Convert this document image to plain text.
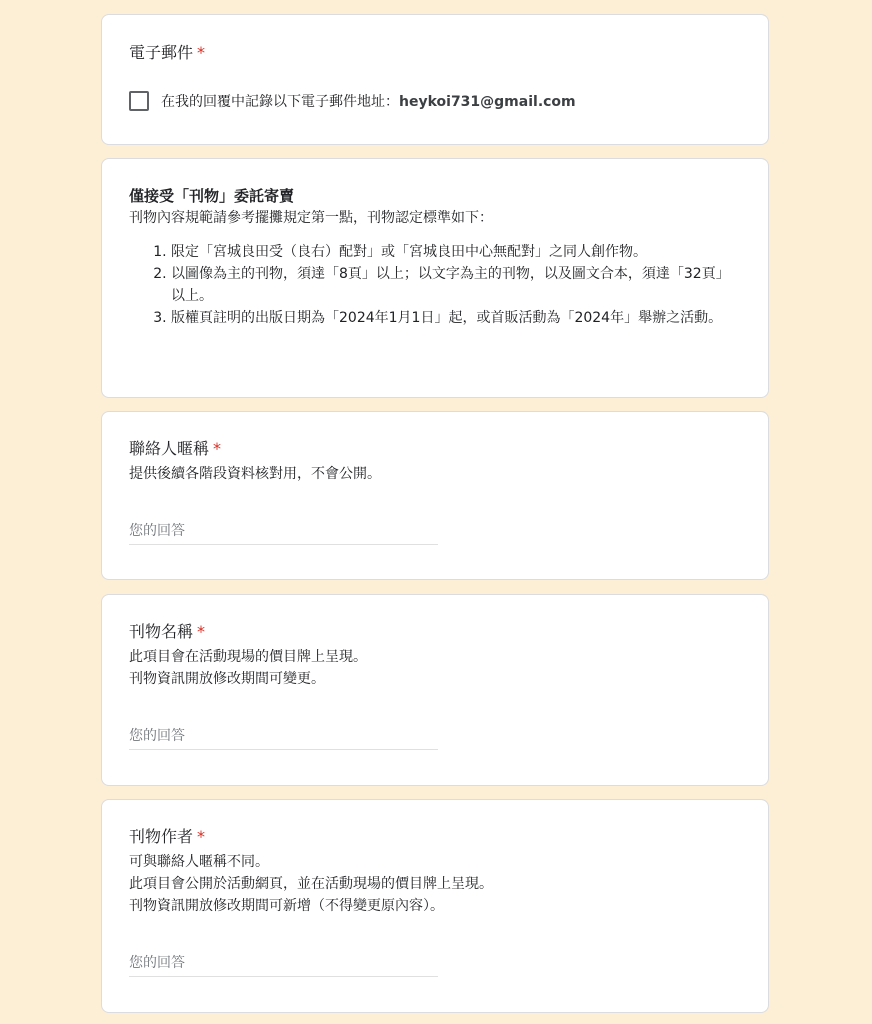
電子郵件 *

在我的回覆中記錄以下電子郵件地址：heykoi731@gmail.com

僅接受「刊物」委託寄賣

刊物內容規範請參考擺攤規定第一點，刊物認定標準如下：

1. 限定「宮城良田受（良右）配對」或「宮城良田中心無配對」之同人創作物。
2. 以圖像為主的刊物，須達「8頁」以上；以文字為主的刊物，以及圖文合本，須達「32頁」以上。
3. 版權頁註明的出版日期為「2024年1月1日」起，或首販活動為「2024年」舉辦之活動。

聯絡人暱稱 *

提供後續各階段資料核對用，不會公開。

您的回答

刊物名稱 *

此項目會在活動現場的價目牌上呈現。

刊物資訊開放修改期間可變更。

您的回答

刊物作者 *

可與聯絡人暱稱不同。

此項目會公開於活動網頁，並在活動現場的價目牌上呈現。

刊物資訊開放修改期間可新增（不得變更原內容）。

您的回答
